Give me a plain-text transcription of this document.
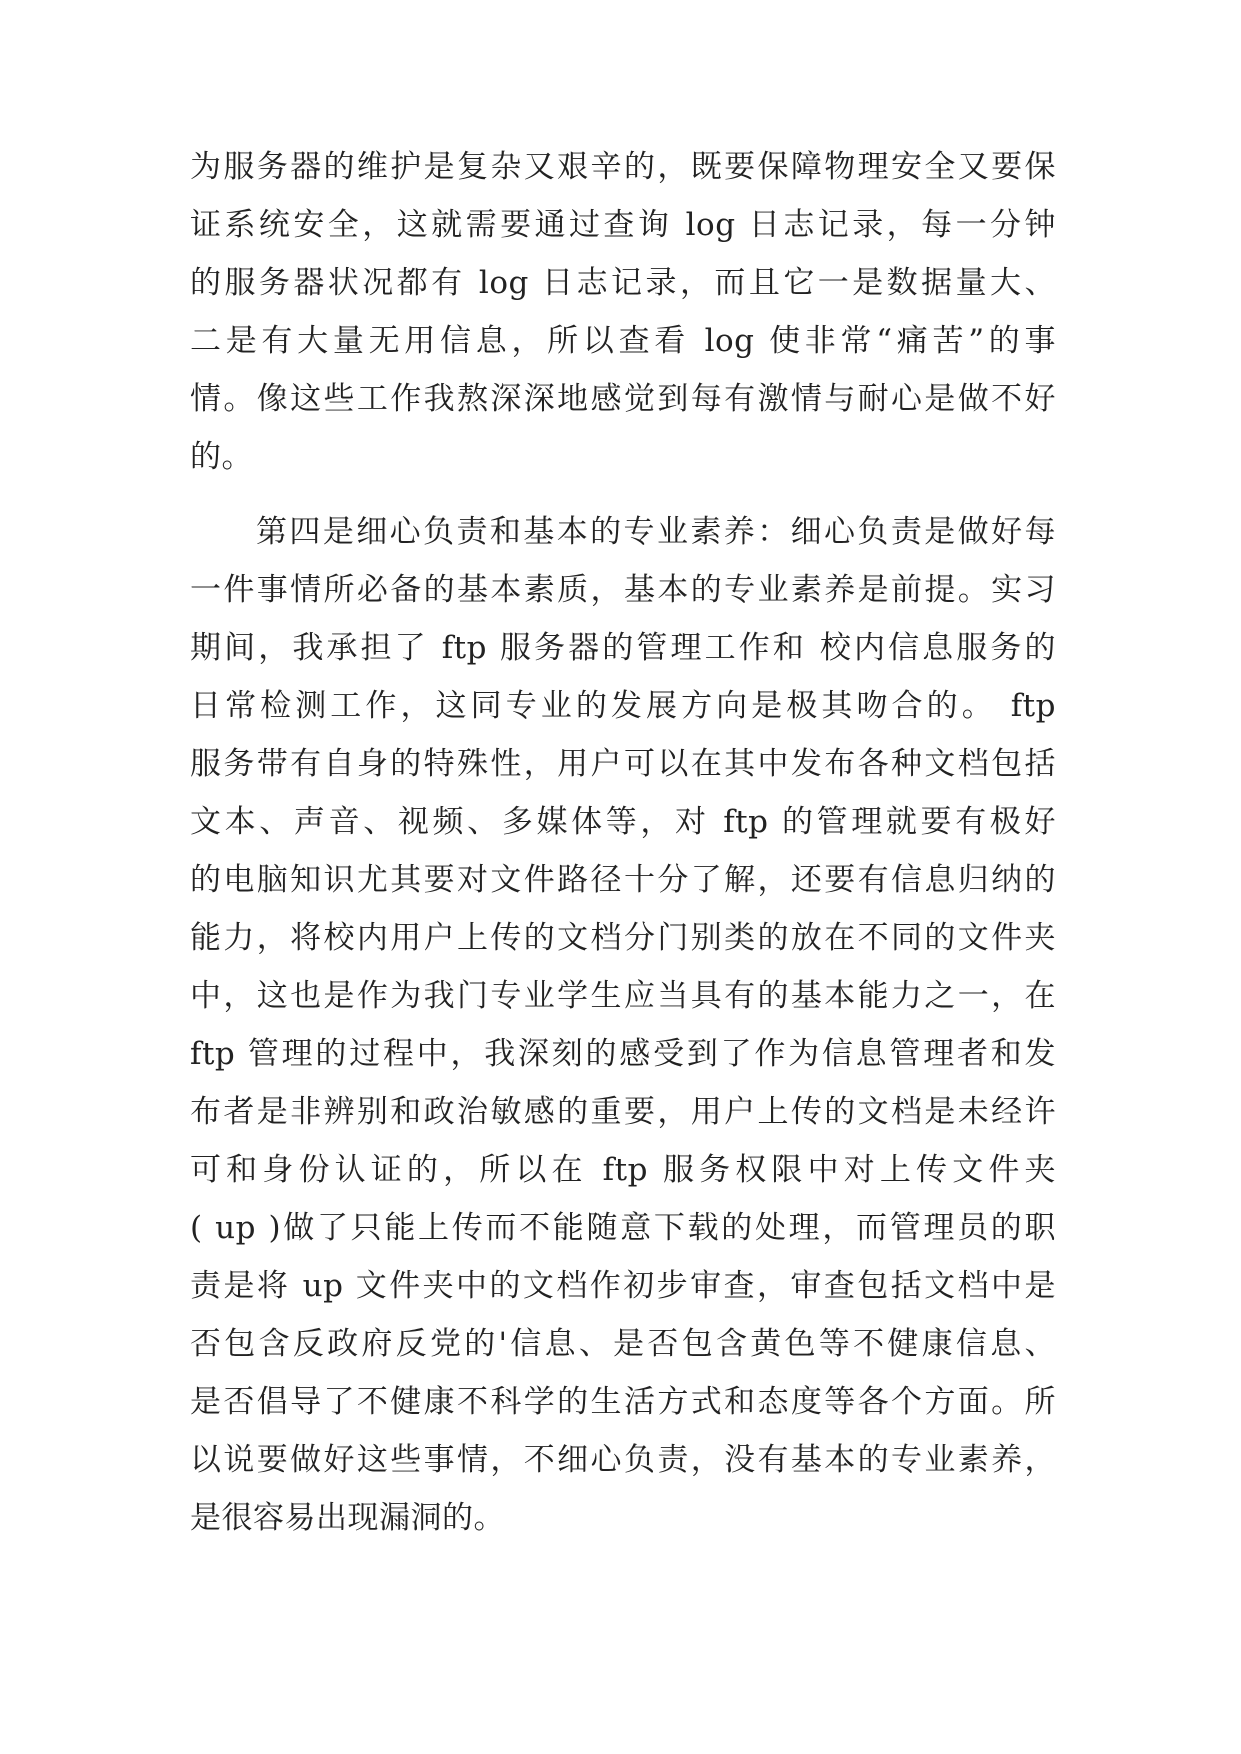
为服务器的维护是复杂又艰辛的，既要保障物理安全又要保
证系统安全，这就需要通过查询 log 日志记录，每一分钟
的服务器状况都有 log 日志记录，而且它一是数据量大、
二是有大量无用信息，所以查看 log 使非常“痛苦”的事
情。像这些工作我熬深深地感觉到每有激情与耐心是做不好
的。
第四是细心负责和基本的专业素养：细心负责是做好每
一件事情所必备的基本素质，基本的专业素养是前提。实习
期间，我承担了 ftp 服务器的管理工作和 校内信息服务的
日常检测工作，这同专业的发展方向是极其吻合的。 ftp
服务带有自身的特殊性，用户可以在其中发布各种文档包括
文本、声音、视频、多媒体等，对 ftp 的管理就要有极好
的电脑知识尤其要对文件路径十分了解，还要有信息归纳的
能力，将校内用户上传的文档分门别类的放在不同的文件夹
中，这也是作为我门专业学生应当具有的基本能力之一，在
ftp 管理的过程中，我深刻的感受到了作为信息管理者和发
布者是非辨别和政治敏感的重要，用户上传的文档是未经许
可和身份认证的，所以在 ftp 服务权限中对上传文件夹
( up )做了只能上传而不能随意下载的处理，而管理员的职
责是将 up 文件夹中的文档作初步审查，审查包括文档中是
否包含反政府反党的'信息、是否包含黄色等不健康信息、
是否倡导了不健康不科学的生活方式和态度等各个方面。所
以说要做好这些事情，不细心负责，没有基本的专业素养，
是很容易出现漏洞的。
